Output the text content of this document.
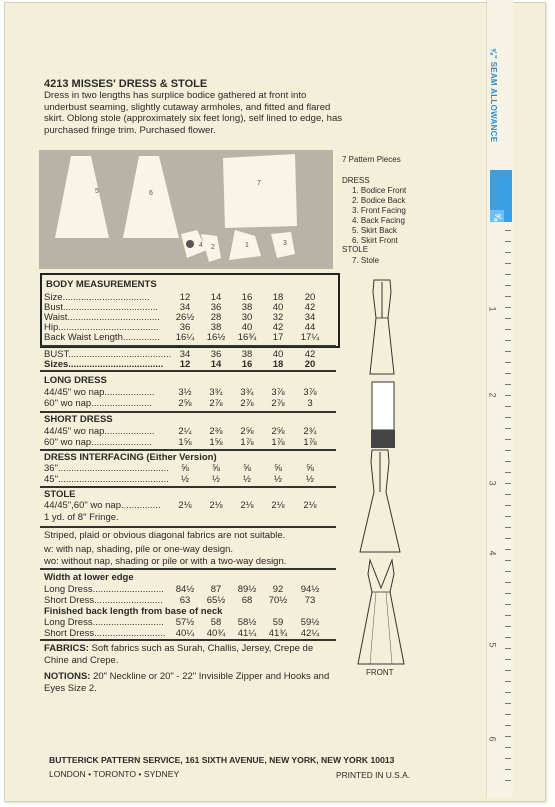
⅝" SEAM ALLOWANCE
⅝
1
2
3
4
5
6
4213 MISSES' DRESS & STOLE
Dress in two lengths has surplice bodice gathered at front into underbust seaming, slightly cutaway armholes, and fitted and flared skirt. Oblong stole (approximately six feet long), self lined to edge, has purchased fringe trim. Purchased flower.
5	6
7
4 2	1	3
7 Pattern Pieces
DRESS
1. Bodice Front
2. Bodice Back
3. Front Facing
4. Back Facing
5. Skirt Back
6. Skirt Front
STOLE
7. Stole
BODY MEASUREMENTS
Size.................................	12	14	16	18	20
Bust....................................	34	36	38	40	42
Waist...................................	26½	28	30	32	34
Hip......................................	36	38	40	42	44
Back Waist Length..............	16¼	16½	16¾	17	17¼
BUST....................................... 34	36	38	40	42
Sizes....................................	12	14	16	18	20
LONG DRESS
44/45" wo nap...................	3½	3¾	3¾	3⅞	3⅞
60" wo nap.......................	2⅝	2⅞	2⅞	2⅞	3
SHORT DRESS
44/45" wo nap...................	2¼	2⅜	2⅝	2⅝	2¾
60" wo nap.......................	1⅝	1⅝	1⅞	1⅞	1⅞
DRESS INTERFACING (Either Version)
36"..........................................	⅝	⅝	⅝	⅝	⅝
45"..........................................	½	½	½	½	½
STOLE
44/45",60" wo nap...............	2⅛	2⅛	2⅛	2⅛	2⅛
1 yd. of 8" Fringe.
Width at lower edge
Long Dress...........................	84½	87	89½	92	94½
Short Dress..........................	63	65½	68	70½	73
Finished back length from base of neck
Long Dress...........................	57½	58	58½	59	59½
Short Dress...........................	40¼	40¾	41¼	41¾	42¼
Striped, plaid or obvious diagonal fabrics are not suitable.
w: with nap, shading, pile or one-way design.
wo: without nap, shading or pile or with a two-way design.
FABRICS: Soft fabrics such as Surah, Challis, Jersey, Crepe de Chine and Crepe.
NOTIONS: 20" Neckline or 20" - 22" Invisible Zipper and Hooks and Eyes Size 2.
FRONT
BUTTERICK PATTERN SERVICE, 161 SIXTH AVENUE, NEW YORK, NEW YORK 10013
LONDON • TORONTO • SYDNEY	PRINTED IN U.S.A.
